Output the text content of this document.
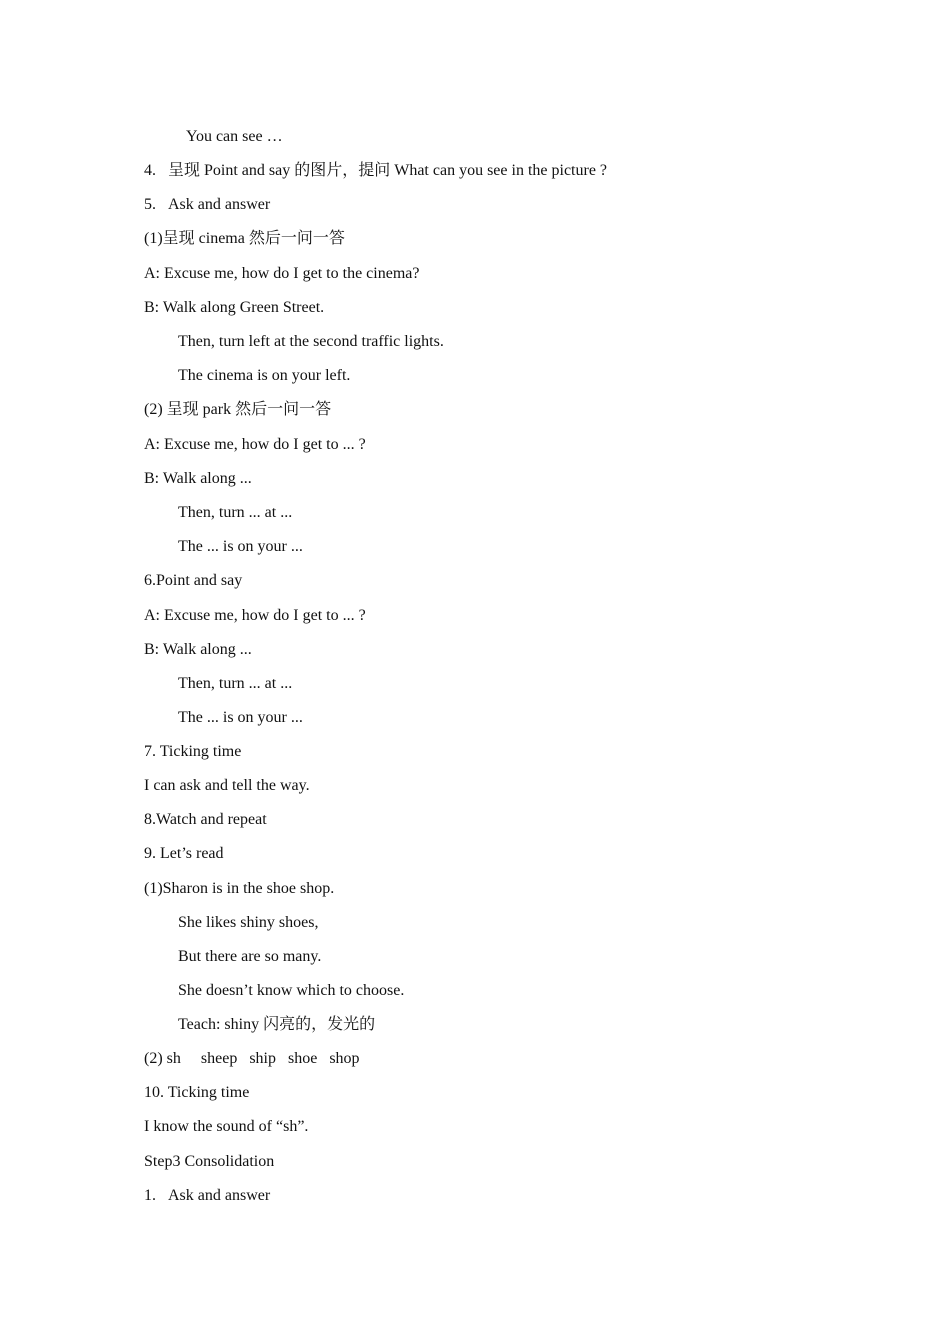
You can see …
4.   呈现 Point and say 的图片，提问 What can you see in the picture ?
5.   Ask and answer
(1)呈现 cinema 然后一问一答
A: Excuse me, how do I get to the cinema?
B: Walk along Green Street.
Then, turn left at the second traffic lights.
The cinema is on your left.
(2) 呈现 park 然后一问一答
A: Excuse me, how do I get to ... ?
B: Walk along ...
Then, turn ... at ...
The ... is on your ...
6.Point and say
A: Excuse me, how do I get to ... ?
B: Walk along ...
Then, turn ... at ...
The ... is on your ...
7. Ticking time
I can ask and tell the way.
8.Watch and repeat
9. Let’s read
(1)Sharon is in the shoe shop.
She likes shiny shoes,
But there are so many.
She doesn’t know which to choose.
Teach: shiny 闪亮的，发光的
(2) sh     sheep   ship   shoe   shop
10. Ticking time
I know the sound of “sh”.
Step3 Consolidation
1.   Ask and answer
